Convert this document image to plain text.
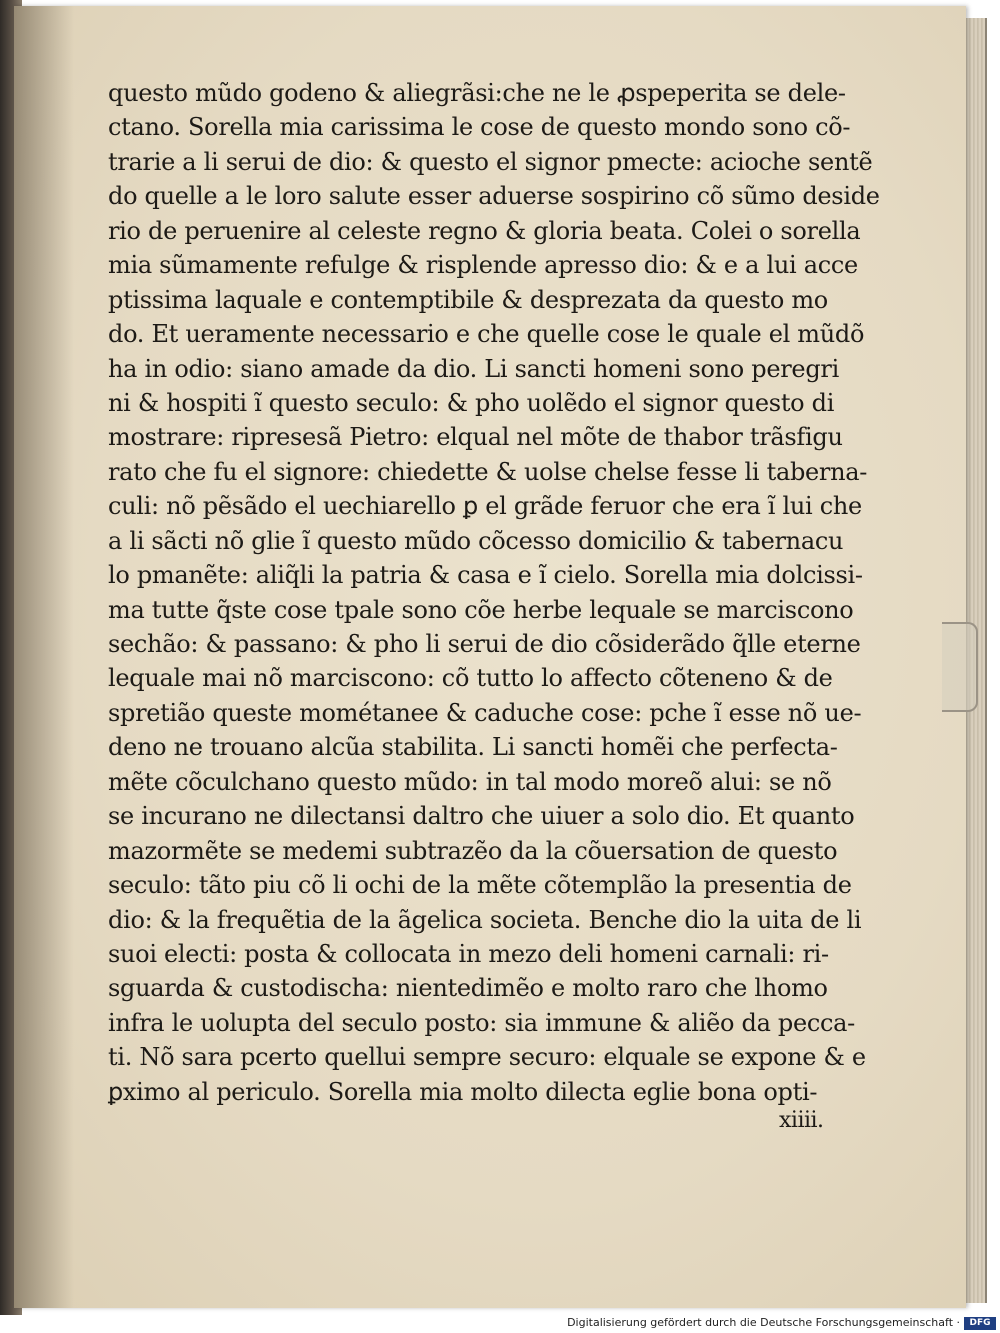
questo mũdo godeno & aliegrãsi:che ne le ꝓspeperita se dele-
ctano. Sorella mia carissima le cose de questo mondo sono cõ-
trarie a li serui de dio: & questo el signor pmecte: acioche sentẽ
do quelle a le loro salute esser aduerse sospirino cõ sũmo deside
rio de peruenire al celeste regno & gloria beata. Colei o sorella
mia sũmamente refulge & risplende apresso dio: & e a lui acce
ptissima laquale e contemptibile & desprezata da questo mo
do. Et ueramente necessario e che quelle cose le quale el mũdõ
ha in odio: siano amade da dio. Li sancti homeni sono peregri
ni & hospiti ĩ questo seculo: & pho uolẽdo el signor questo di
mostrare: ripresesã Pietro: elqual nel mõte de thabor trãsfigu
rato che fu el signore: chiedette & uolse chelse fesse li taberna-
culi: nõ pẽsãdo el uechiarello ꝑ el grãde feruor che era ĩ lui che
a li sãcti nõ glie ĩ questo mũdo cõcesso domicilio & tabernacu
lo pmanẽte: aliq̃li la patria & casa e ĩ cielo. Sorella mia dolcissi-
ma tutte q̃ste cose tpale sono cõe herbe lequale se marciscono
sechão: & passano: & pho li serui de dio cõsiderãdo q̃lle eterne
lequale mai nõ marciscono: cõ tutto lo affecto cõteneno & de
spretião queste mométanee & caduche cose: pche ĩ esse nõ ue-
deno ne trouano alcũa stabilita. Li sancti homẽi che perfecta-
mẽte cõculchano questo mũdo: in tal modo moreõ alui: se nõ
se incurano ne dilectansi daltro che uiuer a solo dio. Et quanto
mazormẽte se medemi subtrazẽo da la cõuersation de questo
seculo: tãto piu cõ li ochi de la mẽte cõtemplão la presentia de
dio: & la frequẽtia de la ãgelica societa. Benche dio la uita de li
suoi electi: posta & collocata in mezo deli homeni carnali: ri-
sguarda & custodischa: nientedimẽo e molto raro che lhomo
infra le uolupta del seculo posto: sia immune & aliẽo da pecca-
ti. Nõ sara pcerto quellui sempre securo: elquale se expone & e
ꝑximo al periculo. Sorella mia molto dilecta eglie bona opti-
xiiii.
Digitalisierung gefördert durch die Deutsche Forschungsgemeinschaft ·	DFG
